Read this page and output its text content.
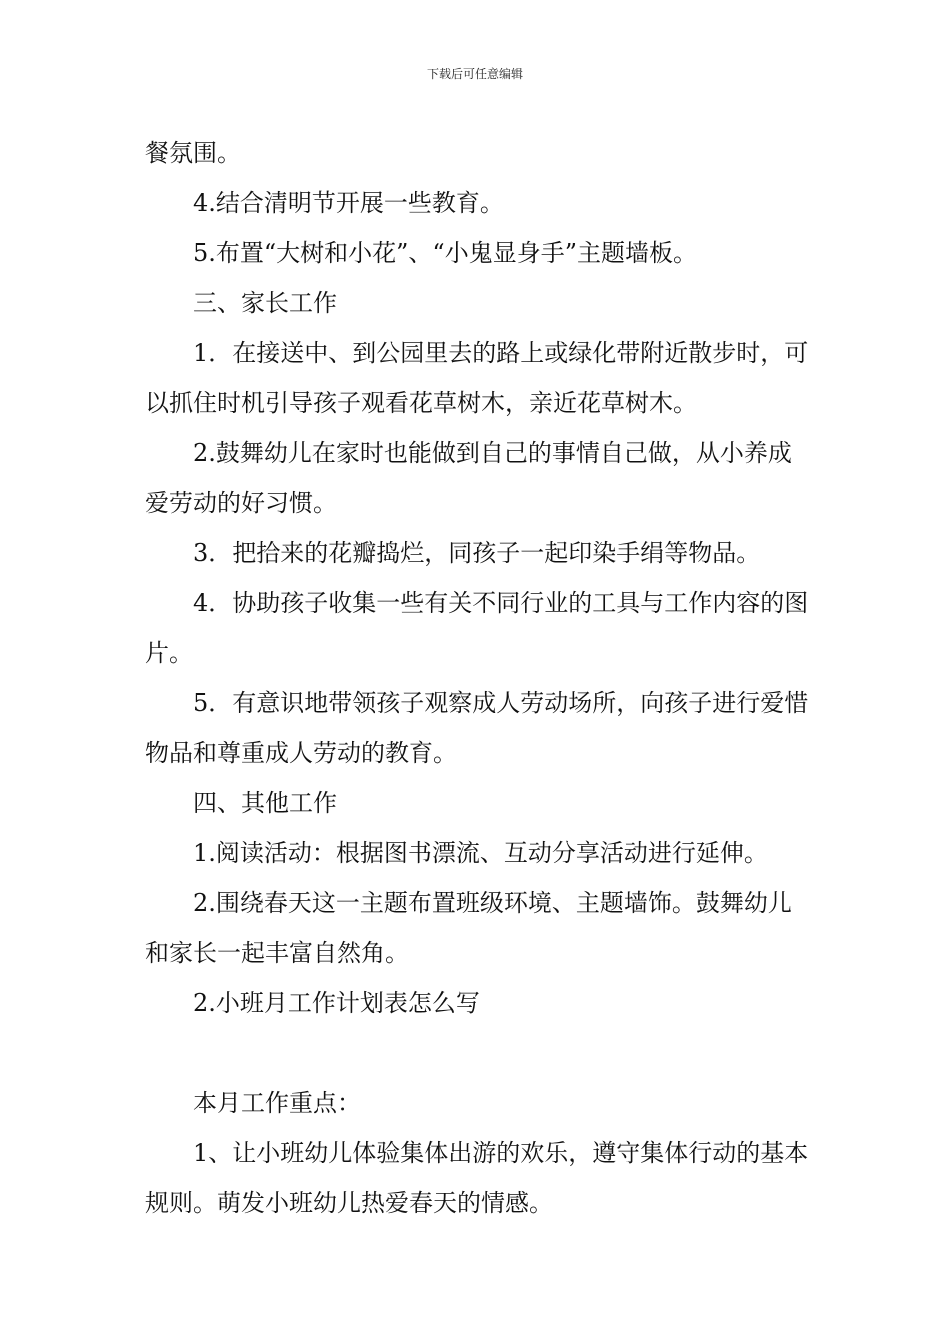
下载后可任意编辑

餐氛围。

4.结合清明节开展一些教育。

5.布置“大树和小花”、“小鬼显身手”主题墙板。

三、家长工作

1．在接送中、到公园里去的路上或绿化带附近散步时，可以抓住时机引导孩子观看花草树木，亲近花草树木。

2.鼓舞幼儿在家时也能做到自己的事情自己做，从小养成爱劳动的好习惯。

3．把拾来的花瓣捣烂，同孩子一起印染手绢等物品。

4．协助孩子收集一些有关不同行业的工具与工作内容的图片。

5．有意识地带领孩子观察成人劳动场所，向孩子进行爱惜物品和尊重成人劳动的教育。

四、其他工作

1.阅读活动：根据图书漂流、互动分享活动进行延伸。

2.围绕春天这一主题布置班级环境、主题墙饰。鼓舞幼儿和家长一起丰富自然角。

2.小班月工作计划表怎么写

本月工作重点：

1、让小班幼儿体验集体出游的欢乐，遵守集体行动的基本规则。萌发小班幼儿热爱春天的情感。
